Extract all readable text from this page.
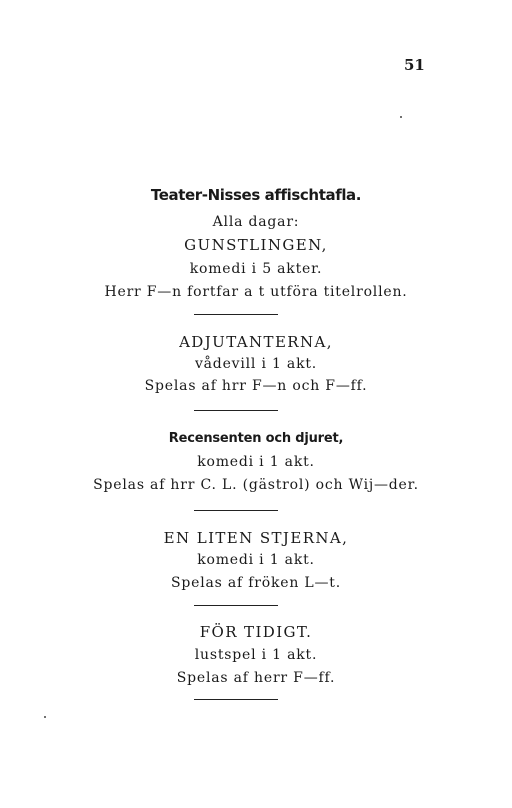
51
Teater-Nisses affischtafla.
Alla dagar:
GUNSTLINGEN,
komedi i 5 akter.
Herr F—n fortfar a t utföra titelrollen.
ADJUTANTERNA,
vådevill i 1 akt.
Spelas af hrr F—n och F—ff.
Recensenten och djuret,
komedi i 1 akt.
Spelas af hrr C. L. (gästrol) och Wij—der.
EN LITEN STJERNA,
komedi i 1 akt.
Spelas af fröken L—t.
FÖR TIDIGT.
lustspel i 1 akt.
Spelas af herr F—ff.
